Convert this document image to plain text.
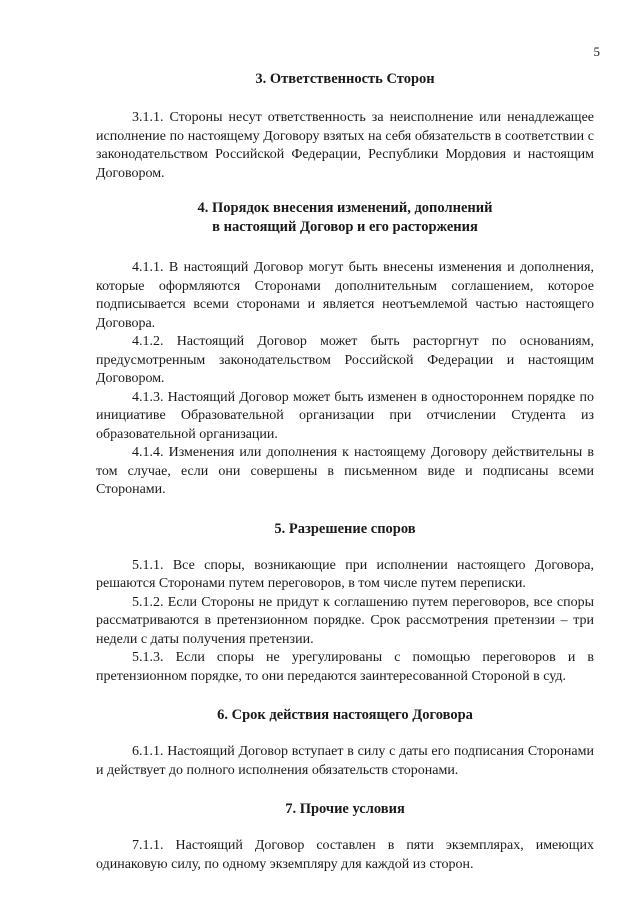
5

3. Ответственность Сторон

3.1.1. Стороны несут ответственность за неисполнение или ненадлежащее исполнение по настоящему Договору взятых на себя обязательств в соответствии с законодательством Российской Федерации, Республики Мордовия и настоящим Договором.

4. Порядок внесения изменений, дополнений

в настоящий Договор и его расторжения

4.1.1. В настоящий Договор могут быть внесены изменения и дополнения, которые оформляются Сторонами дополнительным соглашением, которое подписывается всеми сторонами и является неотъемлемой частью настоящего Договора.

4.1.2. Настоящий Договор может быть расторгнут по основаниям, предусмотренным законодательством Российской Федерации и настоящим Договором.

4.1.3. Настоящий Договор может быть изменен в одностороннем порядке по инициативе Образовательной организации при отчислении Студента из образовательной организации.

4.1.4. Изменения или дополнения к настоящему Договору действительны в том случае, если они совершены в письменном виде и подписаны всеми Сторонами.

5. Разрешение споров

5.1.1. Все споры, возникающие при исполнении настоящего Договора, решаются Сторонами путем переговоров, в том числе путем переписки.

5.1.2. Если Стороны не придут к соглашению путем переговоров, все споры рассматриваются в претензионном порядке. Срок рассмотрения претензии – три недели с даты получения претензии.

5.1.3. Если споры не урегулированы с помощью переговоров и в претензионном порядке, то они передаются заинтересованной Стороной в суд.

6. Срок действия настоящего Договора

6.1.1. Настоящий Договор вступает в силу с даты его подписания Сторонами и действует до полного исполнения обязательств сторонами.

7. Прочие условия

7.1.1. Настоящий Договор составлен в пяти экземплярах, имеющих одинаковую силу, по одному экземпляру для каждой из сторон.
